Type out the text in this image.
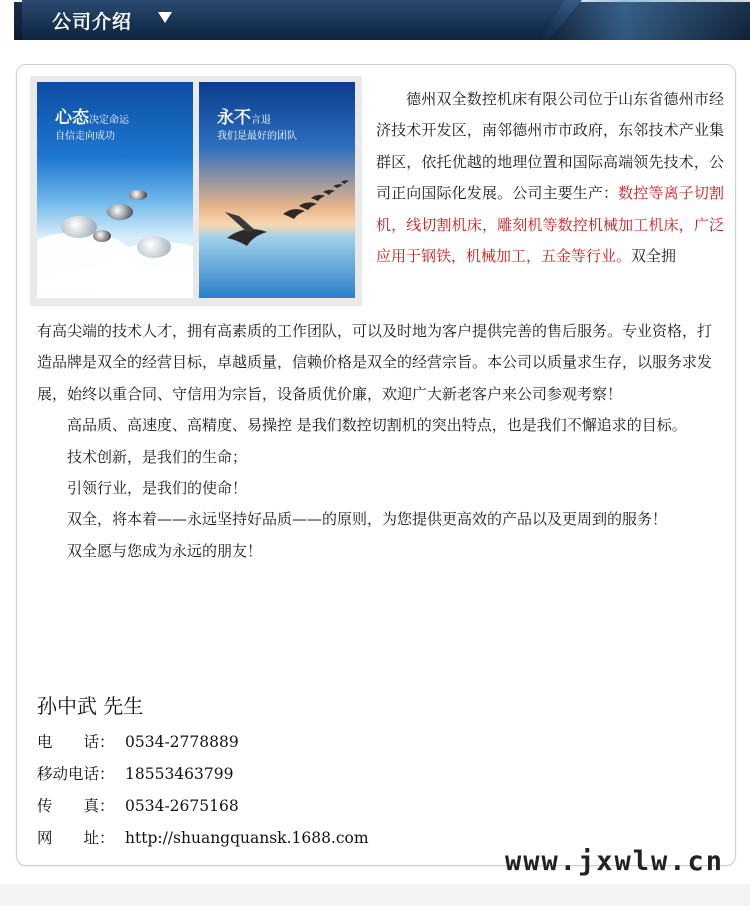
公司介绍
心态决定命运
自信走向成功
永不言退
我们是最好的团队
德州双全数控机床有限公司位于山东省德州市经济技术开发区，南邻德州市市政府，东邻技术产业集群区，依托优越的地理位置和国际高端领先技术，公司正向国际化发展。公司主要生产：数控等离子切割机，线切割机床，雕刻机等数控机械加工机床，广泛应用于钢铁，机械加工，五金等行业。双全拥

有高尖端的技术人才，拥有高素质的工作团队，可以及时地为客户提供完善的售后服务。专业资格，打造品牌是双全的经营目标，卓越质量，信赖价格是双全的经营宗旨。本公司以质量求生存，以服务求发展，始终以重合同、守信用为宗旨，设备质优价廉，欢迎广大新老客户来公司参观考察！

高品质、高速度、高精度、易操控 是我们数控切割机的突出特点，也是我们不懈追求的目标。

技术创新，是我们的生命；

引领行业，是我们的使命！

双全，将本着——永远坚持好品质——的原则，为您提供更高效的产品以及更周到的服务！

双全愿与您成为永远的朋友！

孙中武 先生
电　　话： 0534-2778889
移动电话： 18553463799
传　　真： 0534-2675168
网　　址： http://shuangquansk.1688.com
www.jxwlw.cn
